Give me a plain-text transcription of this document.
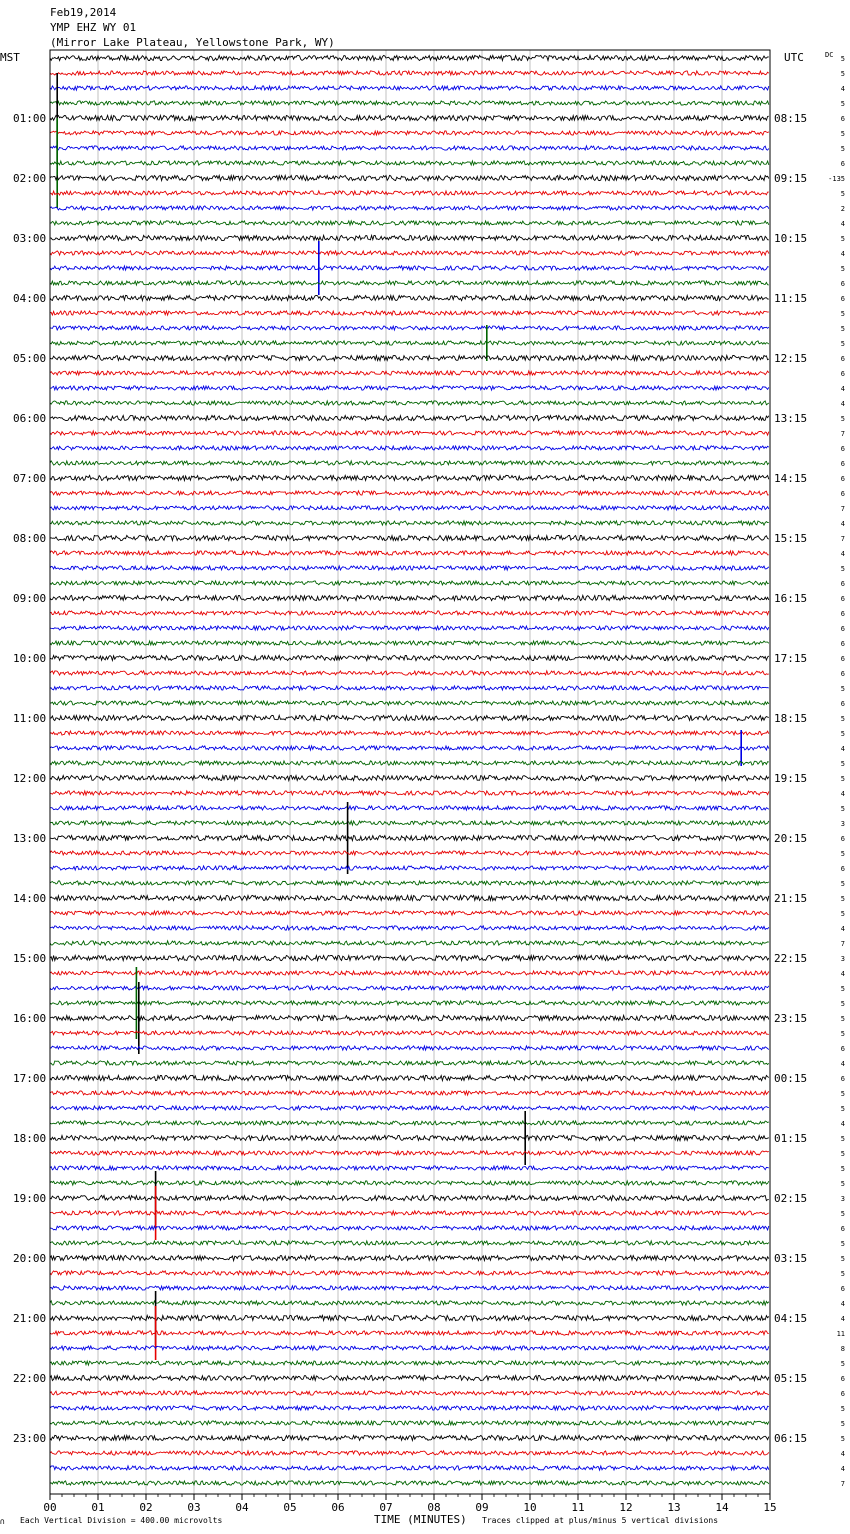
Feb19,2014
YMP EHZ WY 01
(Mirror Lake Plateau, Yellowstone Park, WY)
MST	UTC	DC
01:00
02:00
03:00
04:00
05:00
06:00
07:00
08:00
09:00
10:00
11:00
12:00
13:00
14:00
15:00
16:00
17:00
18:00
19:00
20:00
21:00
22:00
23:00
08:15
09:15
10:15
11:15
12:15
13:15
14:15
15:15
16:15
17:15
18:15
19:15
20:15
21:15
22:15
23:15
00:15
01:15
02:15
03:15
04:15
05:15
06:15
5
5
4
5
6
5
5
6
-135
5
2
4
5
4
5
6
6
5
5
5
6
6
4
4
5
7
6
6
6
6
7
4
7
4
5
6
6
6
6
6
6
6
5
6
5
5
4
5
5
4
5
3
6
5
6
5
5
5
4
7
3
4
5
5
5
5
6
4
6
5
5
4
5
5
5
5
3
5
6
5
5
5
6
4
4
11
8
5
6
6
5
5
5
4
4
7
00	01	02	03	04	05	06	07	08	09	10	11	12	13	14	15
∩ Each Vertical Division = 400.00 microvolts	TIME (MINUTES) Traces clipped at plus/minus 5 vertical divisions
